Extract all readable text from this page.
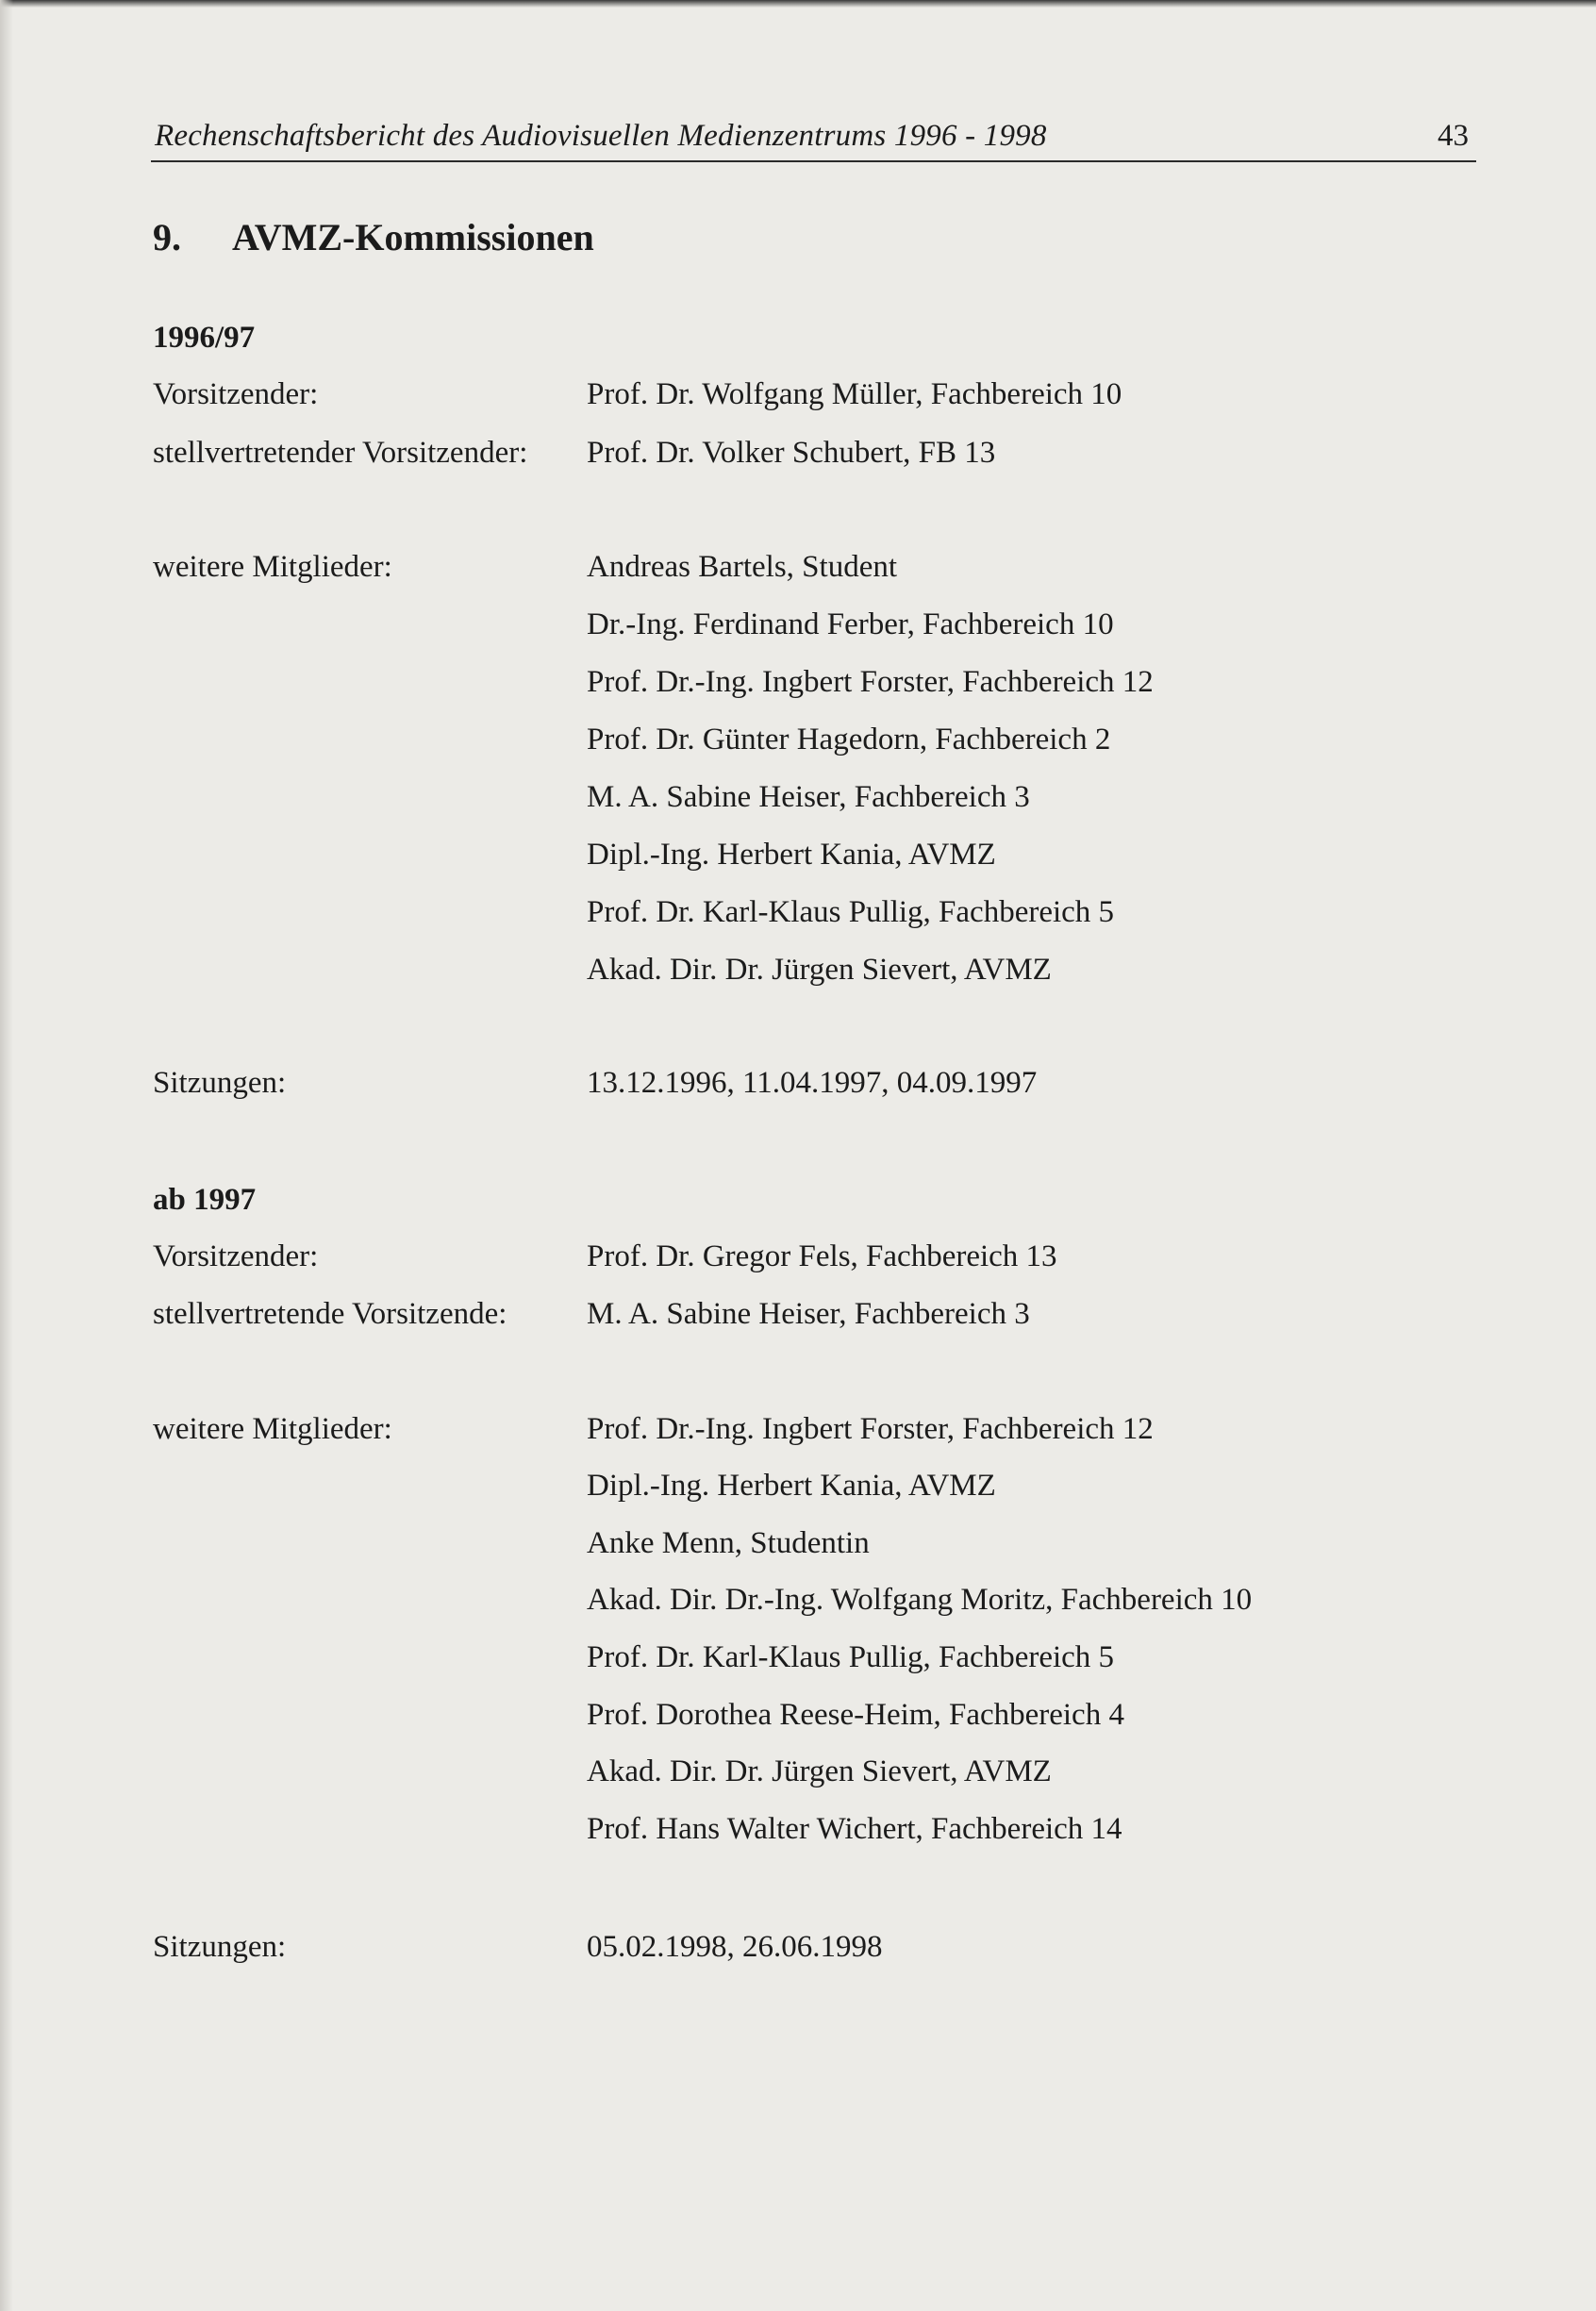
Rechenschaftsbericht des Audiovisuellen Medienzentrums 1996 - 1998	43
9. AVMZ-Kommissionen
1996/97
Vorsitzender:	Prof. Dr. Wolfgang Müller, Fachbereich 10
stellvertretender Vorsitzender: Prof. Dr. Volker Schubert, FB 13
weitere Mitglieder:	Andreas Bartels, Student
Dr.-Ing. Ferdinand Ferber, Fachbereich 10
Prof. Dr.-Ing. Ingbert Forster, Fachbereich 12
Prof. Dr. Günter Hagedorn, Fachbereich 2
M. A. Sabine Heiser, Fachbereich 3
Dipl.-Ing. Herbert Kania, AVMZ
Prof. Dr. Karl-Klaus Pullig, Fachbereich 5
Akad. Dir. Dr. Jürgen Sievert, AVMZ
Sitzungen:	13.12.1996, 11.04.1997, 04.09.1997
ab 1997
Vorsitzender:	Prof. Dr. Gregor Fels, Fachbereich 13
stellvertretende Vorsitzende:	M. A. Sabine Heiser, Fachbereich 3
weitere Mitglieder:	Prof. Dr.-Ing. Ingbert Forster, Fachbereich 12
Dipl.-Ing. Herbert Kania, AVMZ
Anke Menn, Studentin
Akad. Dir. Dr.-Ing. Wolfgang Moritz, Fachbereich 10
Prof. Dr. Karl-Klaus Pullig, Fachbereich 5
Prof. Dorothea Reese-Heim, Fachbereich 4
Akad. Dir. Dr. Jürgen Sievert, AVMZ
Prof. Hans Walter Wichert, Fachbereich 14
Sitzungen:	05.02.1998, 26.06.1998
